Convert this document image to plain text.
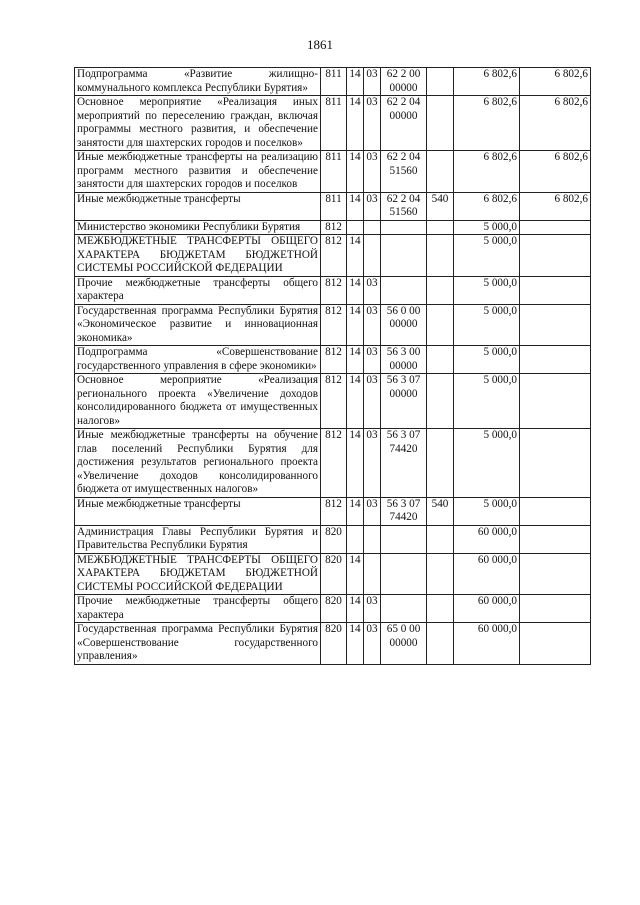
1861
Подпрограмма «Развитие жилищно-коммунального комплекса Республики Бурятия»	811	14	03	62 2 00 00000		6 802,6	6 802,6
Основное мероприятие «Реализация иных мероприятий по переселению граждан, включая программы местного развития, и обеспечение занятости для шахтерских городов и поселков»	811	14	03	62 2 04 00000		6 802,6	6 802,6
Иные межбюджетные трансферты на реализацию программ местного развития и обеспечение занятости для шахтерских городов и поселков	811	14	03	62 2 04 51560		6 802,6	6 802,6
Иные межбюджетные трансферты	811	14	03	62 2 04 51560	540	6 802,6	6 802,6
Министерство экономики Республики Бурятия	812					5 000,0	
МЕЖБЮДЖЕТНЫЕ ТРАНСФЕРТЫ ОБЩЕГО ХАРАКТЕРА БЮДЖЕТАМ БЮДЖЕТНОЙ СИСТЕМЫ РОССИЙСКОЙ ФЕДЕРАЦИИ	812	14				5 000,0	
Прочие межбюджетные трансферты общего характера	812	14	03			5 000,0	
Государственная программа Республики Бурятия «Экономическое развитие и инновационная экономика»	812	14	03	56 0 00 00000		5 000,0	
Подпрограмма «Совершенствование государственного управления в сфере экономики»	812	14	03	56 3 00 00000		5 000,0	
Основное мероприятие «Реализация регионального проекта «Увеличение доходов консолидированного бюджета от имущественных налогов»	812	14	03	56 3 07 00000		5 000,0	
Иные межбюджетные трансферты на обучение глав поселений Республики Бурятия для достижения результатов регионального проекта «Увеличение доходов консолидированного бюджета от имущественных налогов»	812	14	03	56 3 07 74420		5 000,0	
Иные межбюджетные трансферты	812	14	03	56 3 07 74420	540	5 000,0	
Администрация Главы Республики Бурятия и Правительства Республики Бурятия	820					60 000,0	
МЕЖБЮДЖЕТНЫЕ ТРАНСФЕРТЫ ОБЩЕГО ХАРАКТЕРА БЮДЖЕТАМ БЮДЖЕТНОЙ СИСТЕМЫ РОССИЙСКОЙ ФЕДЕРАЦИИ	820	14				60 000,0	
Прочие межбюджетные трансферты общего характера	820	14	03			60 000,0	
Государственная программа Республики Бурятия «Совершенствование государственного управления»	820	14	03	65 0 00 00000		60 000,0	
